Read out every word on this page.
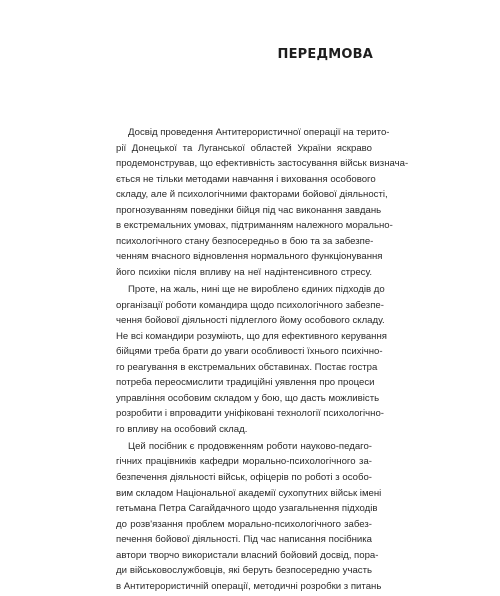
ПЕРЕДМОВА
Досвід проведення Антитерористичної операції на терито-
рії Донецької та Луганської областей України яскраво
продемонстрував, що ефективність застосування військ визнача-
ється не тільки методами навчання і виховання особового
складу, але й психологічними факторами бойової діяльності,
прогнозуванням поведінки бійця під час виконання завдань
в екстремальних умовах, підтриманням належного морально-
психологічного стану безпосередньо в бою та за забезпе-
ченням вчасного відновлення нормального функціонування
його психіки після впливу на неї надінтенсивного стресу.
Проте, на жаль, нині ще не вироблено єдиних підходів до
організації роботи командира щодо психологічного забезпе-
чення бойової діяльності підлеглого йому особового складу.
Не всі командири розуміють, що для ефективного керування
бійцями треба брати до уваги особливості їхнього психічно-
го реагування в екстремальних обставинах. Постає гостра
потреба переосмислити традиційні уявлення про процеси
управління особовим складом у бою, що дасть можливість
розробити і впровадити уніфіковані технології психологічно-
го впливу на особовий склад.
Цей посібник є продовженням роботи науково-педаго-
гічних працівників кафедри морально-психологічного за-
безпечення діяльності військ, офіцерів по роботі з особо-
вим складом Національної академії сухопутних військ імені
гетьмана Петра Сагайдачного щодо узагальнення підходів
до розв'язання проблем морально-психологічного забез-
печення бойової діяльності. Під час написання посібника
автори творчо використали власний бойовий досвід, пора-
ди військовослужбовців, які беруть безпосередню участь
в Антитерористичній операції, методичні розробки з питань
